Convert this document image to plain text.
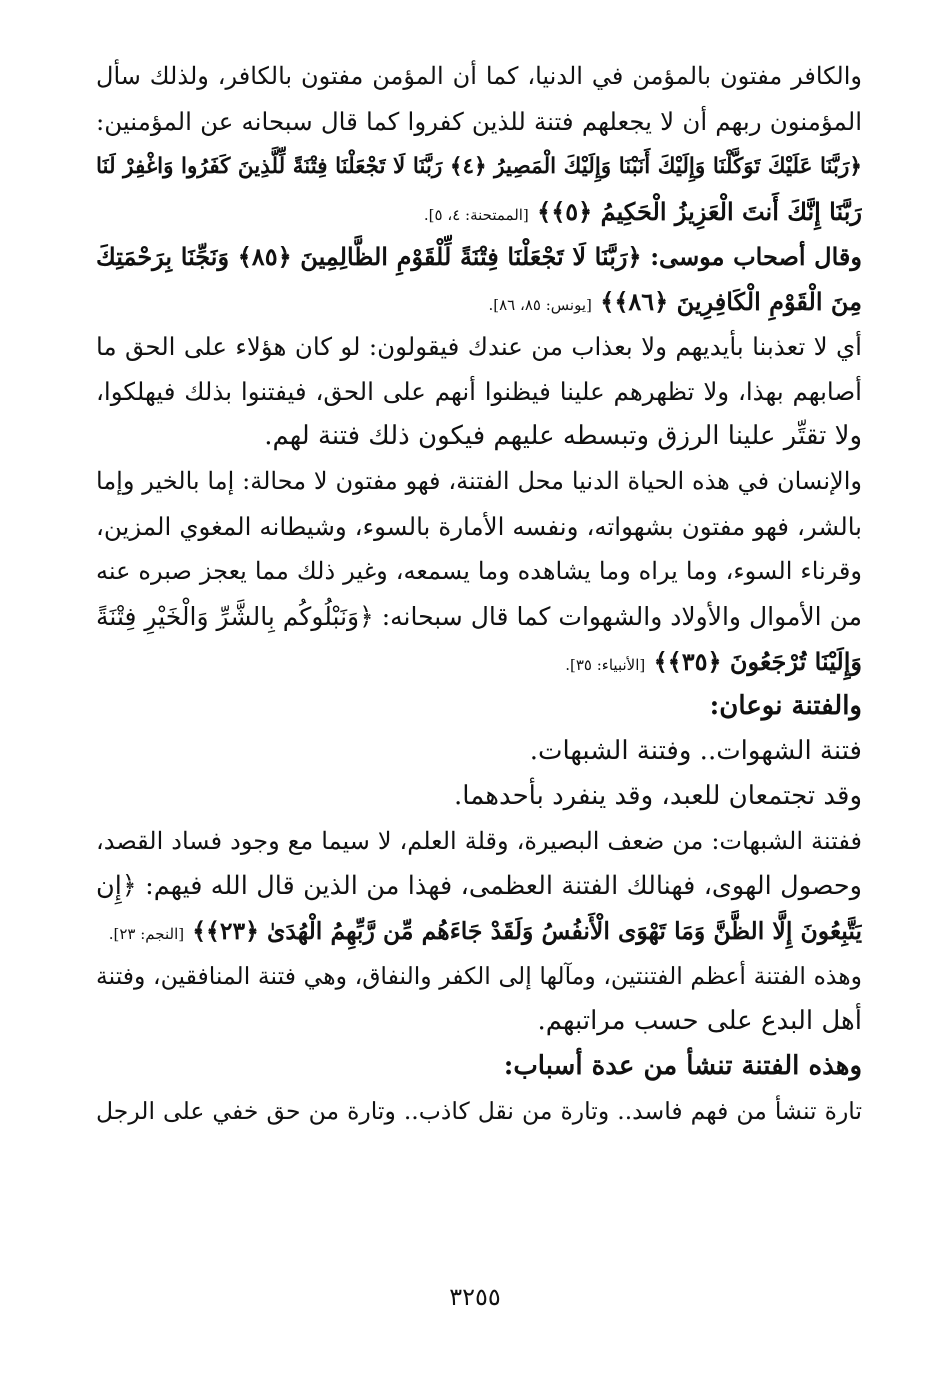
والكافر مفتون بالمؤمن في الدنيا، كما أن المؤمن مفتون بالكافر، ولذلك سأل
المؤمنون ربهم أن لا يجعلهم فتنة للذين كفروا كما قال سبحانه عن المؤمنين:
﴿رَبَّنَا عَلَيْكَ تَوَكَّلْنَا وَإِلَيْكَ أَنَبْنَا وَإِلَيْكَ الْمَصِيرُ ﴿٤﴾ رَبَّنَا لَا تَجْعَلْنَا فِتْنَةً لِّلَّذِينَ كَفَرُوا وَاغْفِرْ لَنَا
رَبَّنَا إِنَّكَ أَنتَ الْعَزِيزُ الْحَكِيمُ ﴿٥﴾﴾ [الممتحنة: ٤، ٥].
وقال أصحاب موسى: ﴿رَبَّنَا لَا تَجْعَلْنَا فِتْنَةً لِّلْقَوْمِ الظَّالِمِينَ ﴿٨٥﴾ وَنَجِّنَا بِرَحْمَتِكَ
مِنَ الْقَوْمِ الْكَافِرِينَ ﴿٨٦﴾﴾ [يونس: ٨٥، ٨٦].
أي لا تعذبنا بأيديهم ولا بعذاب من عندك فيقولون: لو كان هؤلاء على الحق ما
أصابهم بهذا، ولا تظهرهم علينا فيظنوا أنهم على الحق، فيفتنوا بذلك فيهلكوا،
ولا تقتِّر علينا الرزق وتبسطه عليهم فيكون ذلك فتنة لهم.
والإنسان في هذه الحياة الدنيا محل الفتنة، فهو مفتون لا محالة: إما بالخير وإما
بالشر، فهو مفتون بشهواته، ونفسه الأمارة بالسوء، وشيطانه المغوي المزين،
وقرناء السوء، وما يراه وما يشاهده وما يسمعه، وغير ذلك مما يعجز صبره عنه
من الأموال والأولاد والشهوات كما قال سبحانه: ﴿وَنَبْلُوكُم بِالشَّرِّ وَالْخَيْرِ فِتْنَةً
وَإِلَيْنَا تُرْجَعُونَ ﴿٣٥﴾﴾ [الأنبياء: ٣٥].
والفتنة نوعان:
فتنة الشهوات.. وفتنة الشبهات.
وقد تجتمعان للعبد، وقد ينفرد بأحدهما.
ففتنة الشبهات: من ضعف البصيرة، وقلة العلم، لا سيما مع وجود فساد القصد،
وحصول الهوى، فهنالك الفتنة العظمى، فهذا من الذين قال الله فيهم: ﴿إِن
يَتَّبِعُونَ إِلَّا الظَّنَّ وَمَا تَهْوَى الْأَنفُسُ وَلَقَدْ جَاءَهُم مِّن رَّبِّهِمُ الْهُدَىٰ ﴿٢٣﴾﴾ [النجم: ٢٣].
وهذه الفتنة أعظم الفتنتين، ومآلها إلى الكفر والنفاق، وهي فتنة المنافقين، وفتنة
أهل البدع على حسب مراتبهم.
وهذه الفتنة تنشأ من عدة أسباب:
تارة تنشأ من فهم فاسد.. وتارة من نقل كاذب.. وتارة من حق خفي على الرجل
٣٢٥٥
